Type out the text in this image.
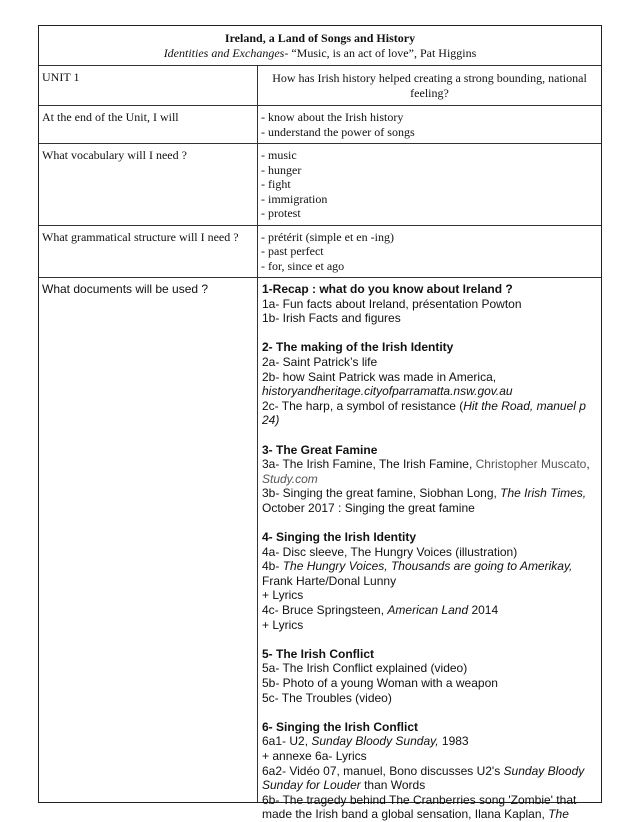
Ireland, a Land of Songs and History
Identities and Exchanges- “Music, is an act of love”, Pat Higgins
UNIT 1	How has Irish history helped creating a strong bounding, national feeling?
At the end of the Unit, I will	- know about the Irish history
- understand the power of songs
What vocabulary will I need ?	- music
- hunger
- fight
- immigration
- protest
What grammatical structure will I need ?	- prétérit (simple et en -ing)
- past perfect
- for, since et ago
What documents will be used ?	1-Recap : what do you know about Ireland ?
1a- Fun facts about Ireland, présentation Powton
1b- Irish Facts and figures
2- The making of the Irish Identity
2a- Saint Patrick’s life
2b- how Saint Patrick was made in America,
historyandheritage.cityofparramatta.nsw.gov.au
2c- The harp, a symbol of resistance (Hit the Road, manuel p 24)
3- The Great Famine
3a- The Irish Famine, The Irish Famine, Christopher Muscato, Study.com
3b- Singing the great famine, Siobhan Long, The Irish Times, October 2017 : Singing the great famine
4- Singing the Irish Identity
4a- Disc sleeve, The Hungry Voices (illustration)
4b- The Hungry Voices, Thousands are going to Amerikay, Frank Harte/Donal Lunny
+ Lyrics
4c- Bruce Springsteen, American Land 2014
+ Lyrics
5- The Irish Conflict
5a- The Irish Conflict explained (video)
5b- Photo of a young Woman with a weapon
5c- The Troubles (video)
6- Singing the Irish Conflict
6a1- U2, Sunday Bloody Sunday, 1983
+ annexe 6a- Lyrics
6a2- Vidéo 07, manuel, Bono discusses U2's Sunday Bloody Sunday for Louder than Words
6b- The tragedy behind The Cranberries song 'Zombie' that made the Irish band a global sensation, Ilana Kaplan, The
